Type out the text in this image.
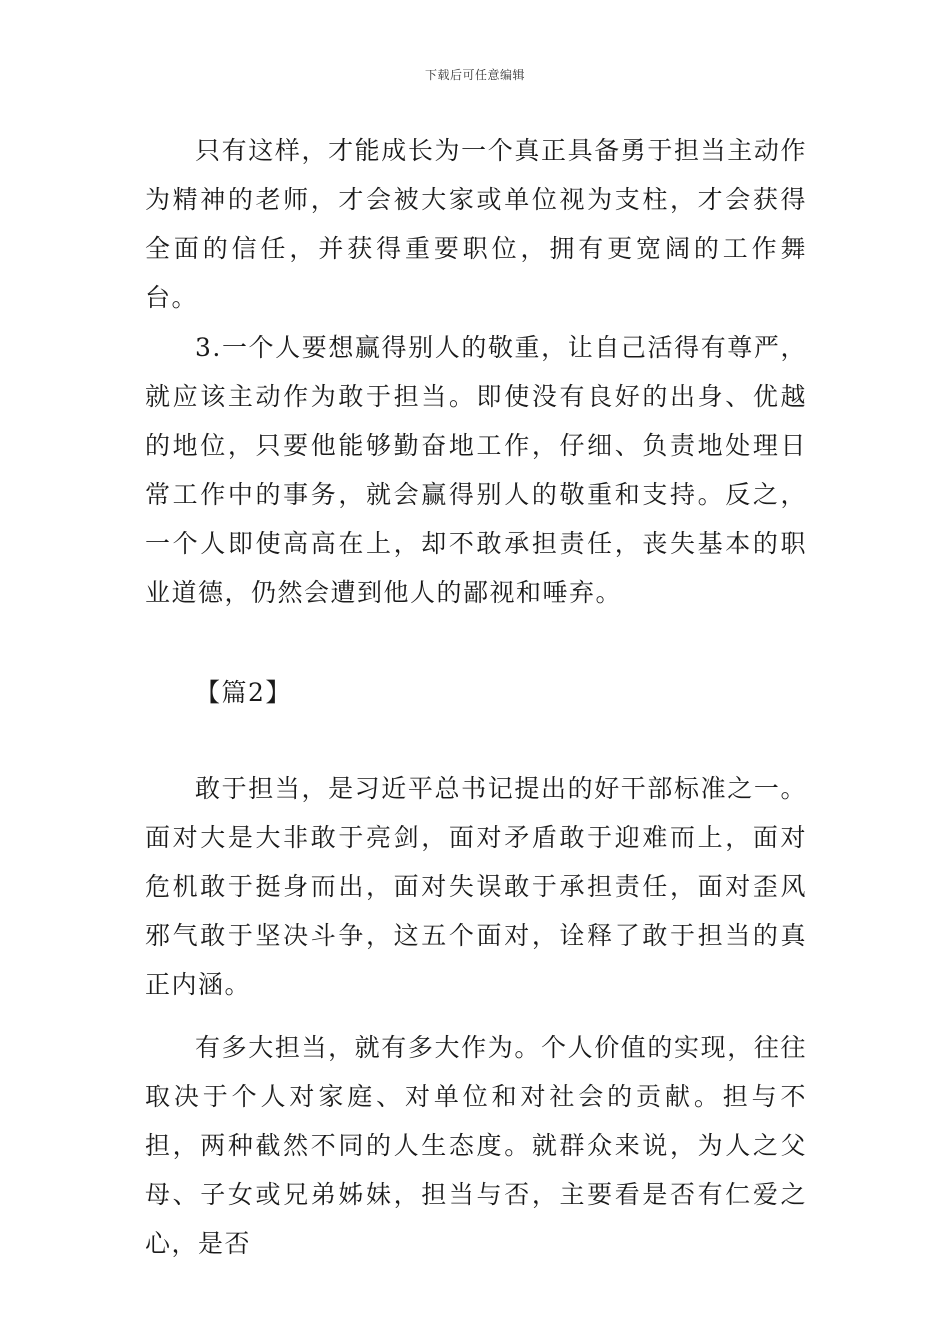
下载后可任意编辑

只有这样，才能成长为一个真正具备勇于担当主动作为精神的老师，才会被大家或单位视为支柱，才会获得全面的信任，并获得重要职位，拥有更宽阔的工作舞台。

3.一个人要想赢得别人的敬重，让自己活得有尊严，就应该主动作为敢于担当。即使没有良好的出身、优越的地位，只要他能够勤奋地工作，仔细、负责地处理日常工作中的事务，就会赢得别人的敬重和支持。反之，一个人即使高高在上，却不敢承担责任，丧失基本的职业道德，仍然会遭到他人的鄙视和唾弃。

【篇2】

敢于担当，是习近平总书记提出的好干部标准之一。面对大是大非敢于亮剑，面对矛盾敢于迎难而上，面对危机敢于挺身而出，面对失误敢于承担责任，面对歪风邪气敢于坚决斗争，这五个面对，诠释了敢于担当的真正内涵。

有多大担当，就有多大作为。个人价值的实现，往往取决于个人对家庭、对单位和对社会的贡献。担与不担，两种截然不同的人生态度。就群众来说，为人之父母、子女或兄弟姊妹，担当与否，主要看是否有仁爱之心，是否
